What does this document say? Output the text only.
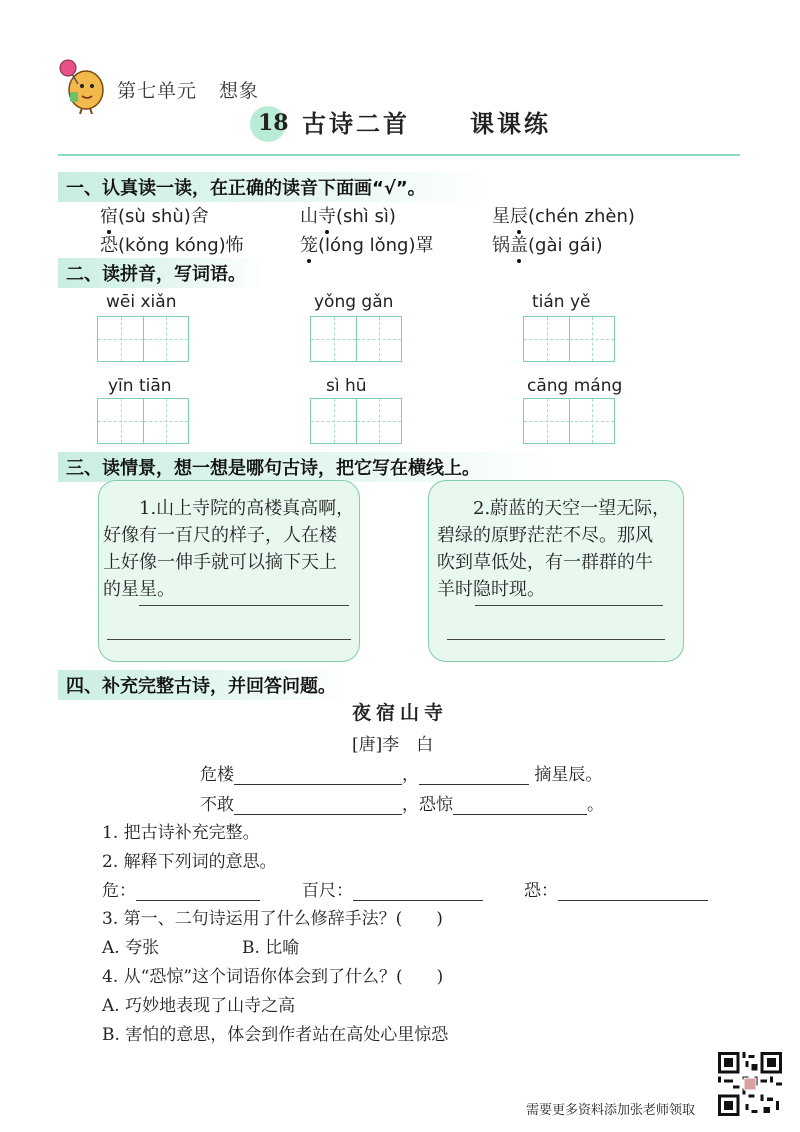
第七单元 想象
18 古诗二首	课课练
一、认真读一读，在正确的读音下面画“√”。
宿(sù shù)舍	山寺(shì sì)	星辰(chén zhèn)
恐(kǒng kóng)怖	笼(lóng lǒng)罩	锅盖(gài gái)
二、读拼音，写词语。
wēi xiǎn	yǒng gǎn	tián yě
yīn tiān	sì hū	cāng máng
三、读情景，想一想是哪句古诗，把它写在横线上。
1.山上寺院的高楼真高啊，
好像有一百尺的样子，人在楼
上好像一伸手就可以摘下天上
的星星。
2.蔚蓝的天空一望无际，
碧绿的原野茫茫不尽。那风
吹到草低处，有一群群的牛
羊时隐时现。
四、补充完整古诗，并回答问题。
夜宿山寺
[唐]李　白
危楼	，	摘星辰。
不敢	，恐惊	。
1. 把古诗补充完整。
2. 解释下列词的意思。
危：	百尺：	恐：
3. 第一、二句诗运用了什么修辞手法？(　　)
A. 夸张	B. 比喻
4. 从“恐惊”这个词语你体会到了什么？(　　)
A. 巧妙地表现了山寺之高
B. 害怕的意思，体会到作者站在高处心里惊恐
需要更多资料添加张老师领取
